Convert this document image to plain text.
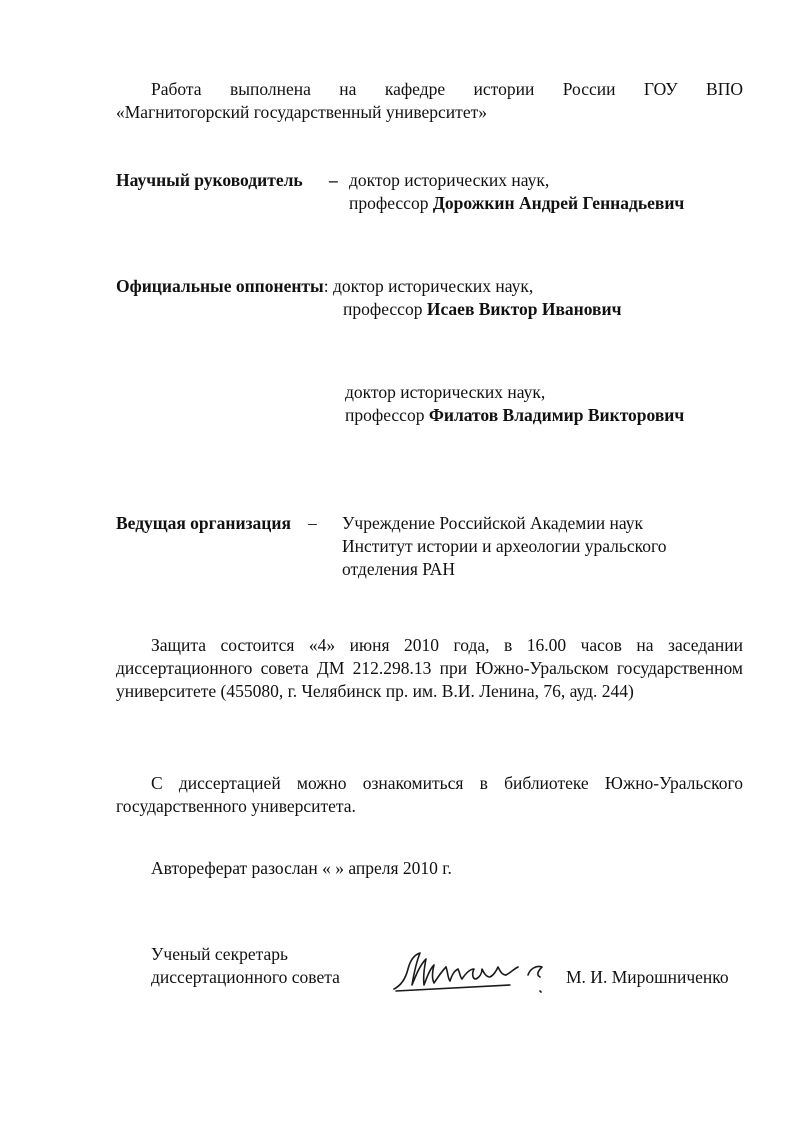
Работа выполнена на кафедре истории России ГОУ ВПО
«Магнитогорский государственный университет»
Научный руководитель – доктор исторических наук,
профессор Дорожкин Андрей Геннадьевич
Официальные оппоненты: доктор исторических наук,
профессор Исаев Виктор Иванович
доктор исторических наук,
профессор Филатов Владимир Викторович
Ведущая организация – Учреждение Российской Академии наук
Институт истории и археологии уральского
отделения РАН
Защита состоится «4» июня 2010 года, в 16.00 часов на заседании диссертационного совета ДМ 212.298.13 при Южно-Уральском государственном университете (455080, г. Челябинск пр. им. В.И. Ленина, 76, ауд. 244)
С диссертацией можно ознакомиться в библиотеке Южно-Уральского государственного университета.
Автореферат разослан « » апреля 2010 г.
Ученый секретарь
диссертационного совета	М. И. Мирошниченко
